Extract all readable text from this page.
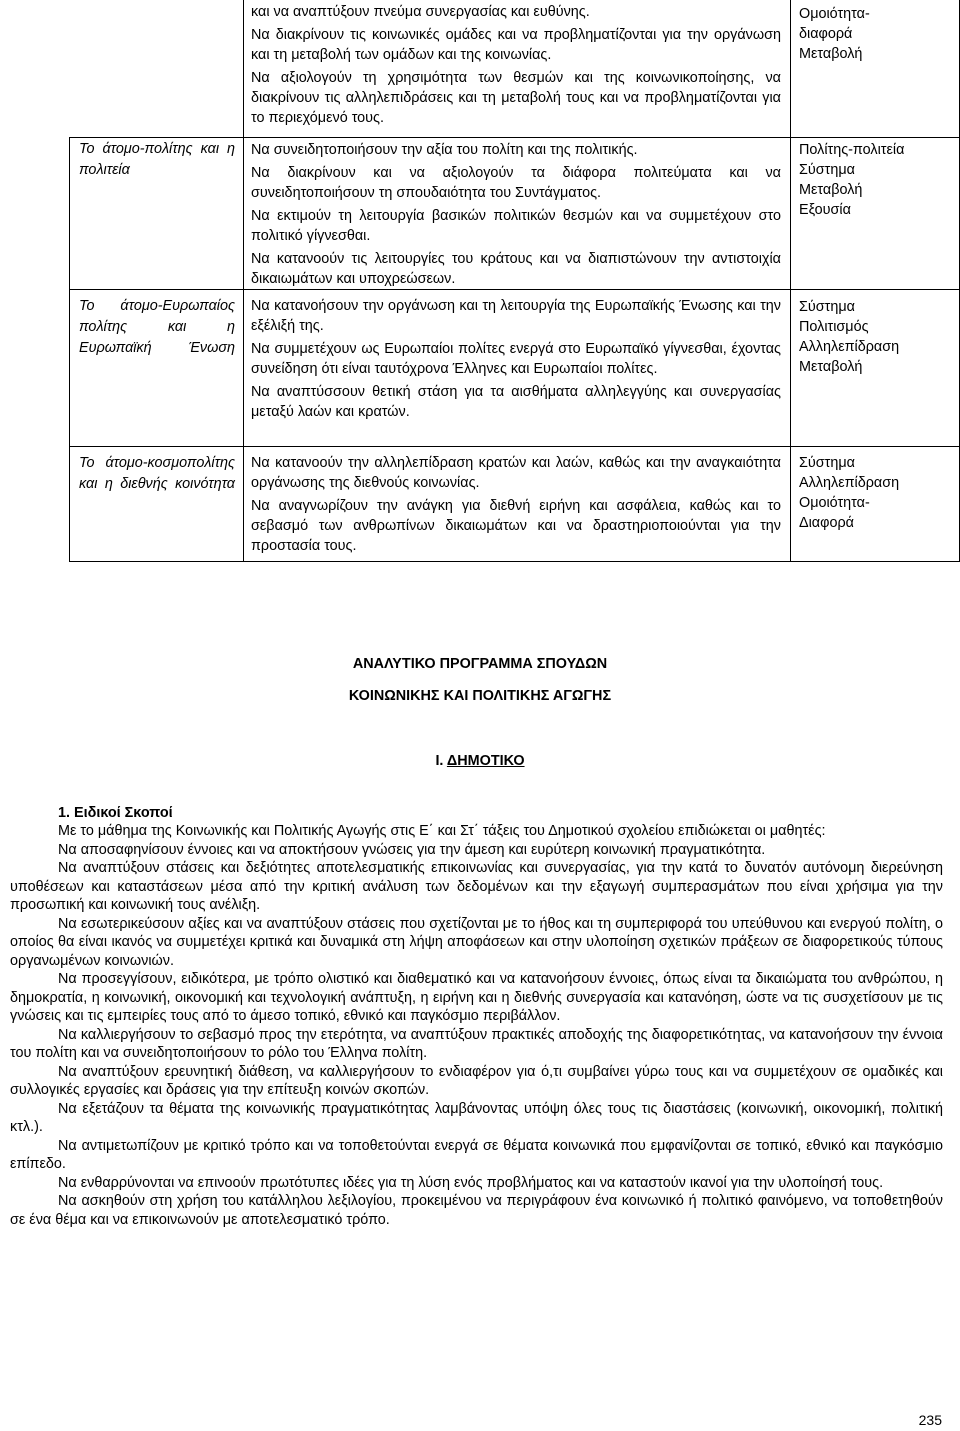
και να αναπτύξουν πνεύμα συνεργασίας και ευθύνης.

Να διακρίνουν τις κοινωνικές ομάδες και να προβληματίζονται για την οργάνωση και τη μεταβολή των ομάδων και της κοινωνίας.

Να αξιολογούν τη χρησιμότητα των θεσμών και της κοινωνικοποίησης, να διακρίνουν τις αλληλεπιδράσεις και τη μεταβολή τους και να προβληματίζονται για το περιεχόμενό τους.

Ομοιότητα-
διαφορά
Μεταβολή
Το άτομο-πολίτης και η πολιτεία

Να συνειδητοποιήσουν την αξία του πολίτη και της πολιτικής.

Να διακρίνουν και να αξιολογούν τα διάφορα πολιτεύματα και να συνειδητοποιήσουν τη σπουδαιότητα του Συντάγματος.

Να εκτιμούν τη λειτουργία βασικών πολιτικών θεσμών και να συμμετέχουν στο πολιτικό γίγνεσθαι.

Να κατανοούν τις λειτουργίες του κράτους και να διαπιστώνουν την αντιστοιχία δικαιωμάτων και υποχρεώσεων.

Πολίτης-πολιτεία
Σύστημα
Μεταβολή
Εξουσία
Το άτομο-Ευρωπαίος πολίτης και η Ευρωπαϊκή Ένωση

Να κατανοήσουν την οργάνωση και τη λειτουργία της Ευρωπαϊκής Ένωσης και την εξέλιξή της.

Να συμμετέχουν ως Ευρωπαίοι πολίτες ενεργά στο Ευρωπαϊκό γίγνεσθαι, έχοντας συνείδηση ότι είναι ταυτόχρονα Έλληνες και Ευρωπαίοι πολίτες.

Να αναπτύσσουν θετική στάση για τα αισθήματα αλληλεγγύης και συνεργασίας μεταξύ λαών και κρατών.

Σύστημα
Πολιτισμός
Αλληλεπίδραση
Μεταβολή
Το άτομο-κοσμοπολίτης και η διεθνής κοινότητα

Να κατανοούν την αλληλεπίδραση κρατών και λαών, καθώς και την αναγκαιότητα οργάνωσης της διεθνούς κοινωνίας.

Να αναγνωρίζουν την ανάγκη για διεθνή ειρήνη και ασφάλεια, καθώς και το σεβασμό των ανθρωπίνων δικαιωμάτων και να δραστηριοποιούνται για την προστασία τους.

Σύστημα
Αλληλεπίδραση
Ομοιότητα-
Διαφορά
ΑΝΑΛΥΤΙΚΟ ΠΡΟΓΡΑΜΜΑ ΣΠΟΥΔΩΝ
ΚΟΙΝΩΝΙΚΗΣ ΚΑΙ ΠΟΛΙΤΙΚΗΣ ΑΓΩΓΗΣ
Ι. ΔΗΜΟΤΙΚΟ
1. Ειδικοί Σκοποί

Με το μάθημα της Κοινωνικής και Πολιτικής Αγωγής στις Ε΄ και Στ΄ τάξεις του Δημοτικού σχολείου επιδιώκεται οι μαθητές:

Να αποσαφηνίσουν έννοιες και να αποκτήσουν γνώσεις για την άμεση και ευρύτερη κοινωνική πραγματικότητα.

Να αναπτύξουν στάσεις και δεξιότητες αποτελεσματικής επικοινωνίας και συνεργασίας, για την κατά το δυνατόν αυτόνομη διερεύνηση υποθέσεων και καταστάσεων μέσα από την κριτική ανάλυση των δεδομένων και την εξαγωγή συμπερασμάτων που είναι χρήσιμα για την προσωπική και κοινωνική τους ανέλιξη.

Να εσωτερικεύσουν αξίες και να αναπτύξουν στάσεις που σχετίζονται με το ήθος και τη συμπεριφορά του υπεύθυνου και ενεργού πολίτη, ο οποίος θα είναι ικανός να συμμετέχει κριτικά και δυναμικά στη λήψη αποφάσεων και στην υλοποίηση σχετικών πράξεων σε διαφορετικούς τύπους οργανωμένων κοινωνιών.

Να προσεγγίσουν, ειδικότερα, με τρόπο ολιστικό και διαθεματικό και να κατανοήσουν έννοιες, όπως είναι τα δικαιώματα του ανθρώπου, η δημοκρατία, η κοινωνική, οικονομική και τεχνολογική ανάπτυξη, η ειρήνη και η διεθνής συνεργασία και κατανόηση, ώστε να τις συσχετίσουν με τις γνώσεις και τις εμπειρίες τους από το άμεσο τοπικό, εθνικό και παγκόσμιο περιβάλλον.

Να καλλιεργήσουν το σεβασμό προς την ετερότητα, να αναπτύξουν πρακτικές αποδοχής της διαφορετικότητας, να κατανοήσουν την έννοια του πολίτη και να συνειδητοποιήσουν το ρόλο του Έλληνα πολίτη.

Να αναπτύξουν ερευνητική διάθεση, να καλλιεργήσουν το ενδιαφέρον για ό,τι συμβαίνει γύρω τους και να συμμετέχουν σε ομαδικές και συλλογικές εργασίες και δράσεις για την επίτευξη κοινών σκοπών.

Να εξετάζουν τα θέματα της κοινωνικής πραγματικότητας λαμβάνοντας υπόψη όλες τους τις διαστάσεις (κοινωνική, οικονομική, πολιτική κτλ.).

Να αντιμετωπίζουν με κριτικό τρόπο και να τοποθετούνται ενεργά σε θέματα κοινωνικά που εμφανίζονται σε τοπικό, εθνικό και παγκόσμιο επίπεδο.

Να ενθαρρύνονται να επινοούν πρωτότυπες ιδέες για τη λύση ενός προβλήματος και να καταστούν ικανοί για την υλοποίησή τους.

Να ασκηθούν στη χρήση του κατάλληλου λεξιλογίου, προκειμένου να περιγράφουν ένα κοινωνικό ή πολιτικό φαινόμενο, να τοποθετηθούν σε ένα θέμα και να επικοινωνούν με αποτελεσματικό τρόπο.

235
